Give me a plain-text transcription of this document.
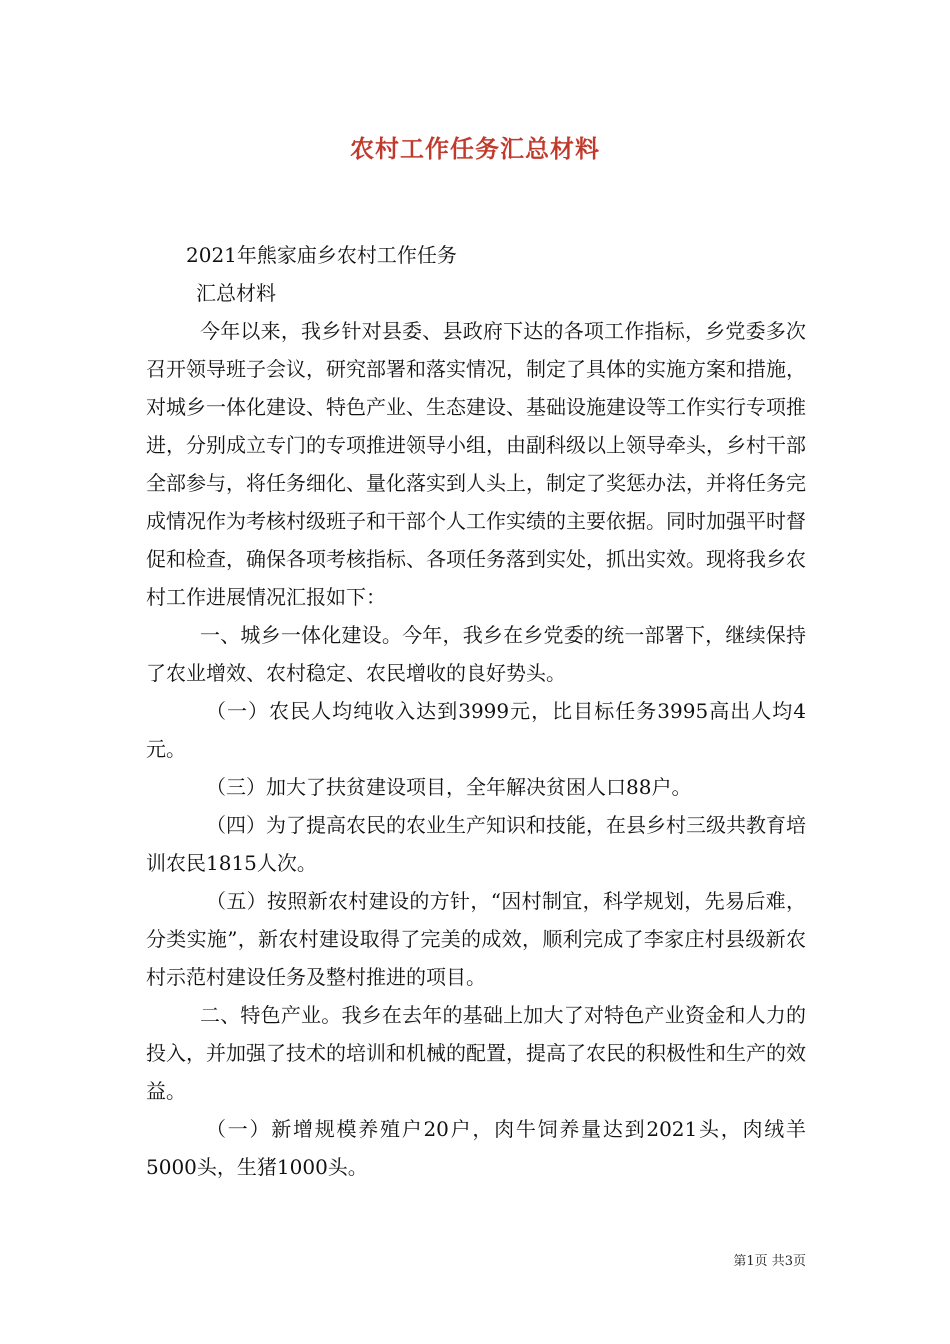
农村工作任务汇总材料

2021年熊家庙乡农村工作任务

汇总材料

今年以来，我乡针对县委、县政府下达的各项工作指标，乡党委多次召开领导班子会议，研究部署和落实情况，制定了具体的实施方案和措施，对城乡一体化建设、特色产业、生态建设、基础设施建设等工作实行专项推进，分别成立专门的专项推进领导小组，由副科级以上领导牵头，乡村干部全部参与，将任务细化、量化落实到人头上，制定了奖惩办法，并将任务完成情况作为考核村级班子和干部个人工作实绩的主要依据。同时加强平时督促和检查，确保各项考核指标、各项任务落到实处，抓出实效。现将我乡农村工作进展情况汇报如下：

一、城乡一体化建设。今年，我乡在乡党委的统一部署下，继续保持了农业增效、农村稳定、农民增收的良好势头。

（一）农民人均纯收入达到3999元，比目标任务3995高出人均4元。

（三）加大了扶贫建设项目，全年解决贫困人口88户。

（四）为了提高农民的农业生产知识和技能，在县乡村三级共教育培训农民1815人次。

（五）按照新农村建设的方针，“因村制宜，科学规划，先易后难，分类实施”，新农村建设取得了完美的成效，顺利完成了李家庄村县级新农村示范村建设任务及整村推进的项目。

二、特色产业。我乡在去年的基础上加大了对特色产业资金和人力的投入，并加强了技术的培训和机械的配置，提高了农民的积极性和生产的效益。

（一）新增规模养殖户20户，肉牛饲养量达到2021头，肉绒羊5000头，生猪1000头。

第1页 共3页
